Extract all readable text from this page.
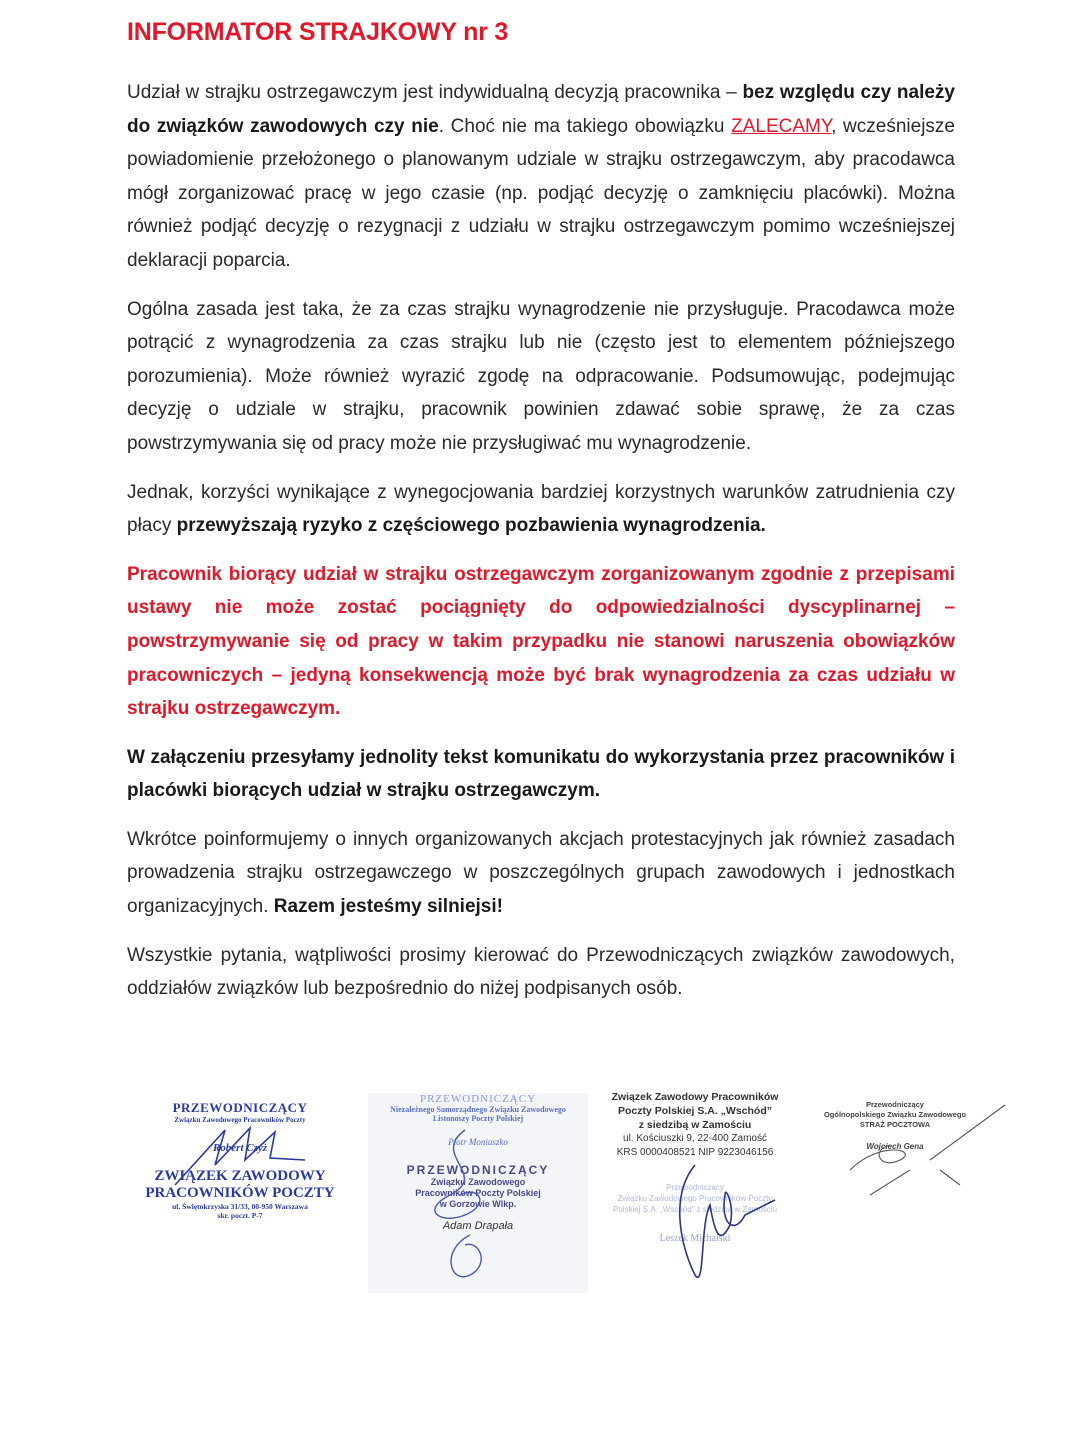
INFORMATOR STRAJKOWY nr 3

Udział w strajku ostrzegawczym jest indywidualną decyzją pracownika – bez względu czy należy do związków zawodowych czy nie. Choć nie ma takiego obowiązku ZALECAMY, wcześniejsze powiadomienie przełożonego o planowanym udziale w strajku ostrzegawczym, aby pracodawca mógł zorganizować pracę w jego czasie (np. podjąć decyzję o zamknięciu placówki). Można również podjąć decyzję o rezygnacji z udziału w strajku ostrzegawczym pomimo wcześniejszej deklaracji poparcia.

Ogólna zasada jest taka, że za czas strajku wynagrodzenie nie przysługuje. Pracodawca może potrącić z wynagrodzenia za czas strajku lub nie (często jest to elementem późniejszego porozumienia). Może również wyrazić zgodę na odpracowanie. Podsumowując, podejmując decyzję o udziale w strajku, pracownik powinien zdawać sobie sprawę, że za czas powstrzymywania się od pracy może nie przysługiwać mu wynagrodzenie.

Jednak, korzyści wynikające z wynegocjowania bardziej korzystnych warunków zatrudnienia czy płacy przewyższają ryzyko z częściowego pozbawienia wynagrodzenia.

Pracownik biorący udział w strajku ostrzegawczym zorganizowanym zgodnie z przepisami ustawy nie może zostać pociągnięty do odpowiedzialności dyscyplinarnej – powstrzymywanie się od pracy w takim przypadku nie stanowi naruszenia obowiązków pracowniczych – jedyną konsekwencją może być brak wynagrodzenia za czas udziału w strajku ostrzegawczym.

W załączeniu przesyłamy jednolity tekst komunikatu do wykorzystania przez pracowników i placówki biorących udział w strajku ostrzegawczym.

Wkrótce poinformujemy o innych organizowanych akcjach protestacyjnych jak również zasadach prowadzenia strajku ostrzegawczego w poszczególnych grupach zawodowych i jednostkach organizacyjnych. Razem jesteśmy silniejsi!

Wszystkie pytania, wątpliwości prosimy kierować do Przewodniczących związków zawodowych, oddziałów związków lub bezpośrednio do niżej podpisanych osób.

PRZEWODNICZĄCY
Związku Zawodowego Pracowników Poczty
Robert Czyż
ZWIĄZEK ZAWODOWY
PRACOWNIKÓW POCZTY
ul. Świętokrzyska 31/33, 00-950 Warszawa
skr. poczt. P-7
PRZEWODNICZĄCY
Niezależnego Samorządnego Związku Zawodowego
Listonoszy Poczty Polskiej
Piotr Moniuszko
PRZEWODNICZĄCY
Związku Zawodowego
Pracowników Poczty Polskiej
w Gorzowie Wlkp.
Adam Drapała
Związek Zawodowy Pracowników
Poczty Polskiej S.A. „Wschód”
z siedzibą w Zamościu
ul. Kościuszki 9, 22-400 Zamość
KRS 0000408521 NIP 9223046156
Przewodniczący
Związku Zawodowego Pracowników Poczty
Polskiej S.A. „Wschód” z siedzibą w Zamościu
Leszek Michalski
Przewodniczący
Ogólnopolskiego Związku Zawodowego
STRAŻ POCZTOWA
Wojciech Gena
